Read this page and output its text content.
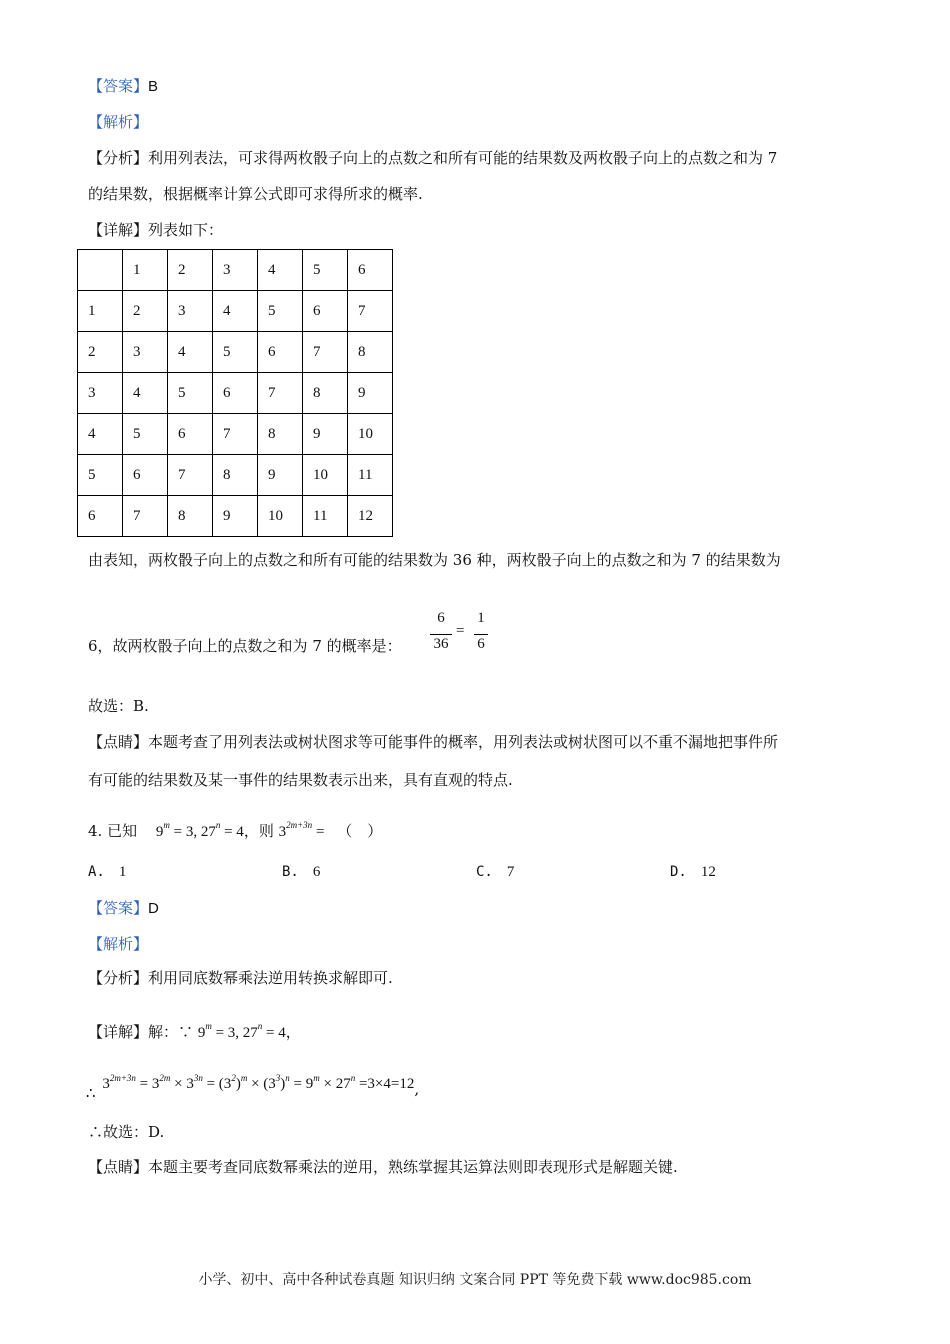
【答案】B
【解析】
【分析】利用列表法，可求得两枚骰子向上的点数之和所有可能的结果数及两枚骰子向上的点数之和为 7
的结果数，根据概率计算公式即可求得所求的概率.
【详解】列表如下：
	1	2	3	4	5	6
1	2	3	4	5	6	7
2	3	4	5	6	7	8
3	4	5	6	7	8	9
4	5	6	7	8	9	10
5	6	7	8	9	10	11
6	7	8	9	10	11	12
由表知，两枚骰子向上的点数之和所有可能的结果数为 36 种，两枚骰子向上的点数之和为 7 的结果数为
6，故两枚骰子向上的点数之和为 7 的概率是：
6
36
=
1
6
故选：B.
【点睛】本题考查了用列表法或树状图求等可能事件的概率，用列表法或树状图可以不重不漏地把事件所
有可能的结果数及某一事件的结果数表示出来，具有直观的特点.
4. 已知 $9^m = 3$, $27^n = 4$，则 $3^{2m+3n}$ = （　）
A. 1	B. 6	C. 7	D. 12
【答案】D
【解析】
【分析】利用同底数幂乘法逆用转换求解即可.
【详解】解：∵ $9^m = 3$, $27^n = 4$，
∴ $3^{2m+3n} = 3^{2m} \times 3^{3n} = (3^2)^m \times (3^3)^n = 9^m \times 27^n =3\times 4=12$,
∴故选：D.
【点睛】本题主要考查同底数幂乘法的逆用，熟练掌握其运算法则即表现形式是解题关键.
小学、初中、高中各种试卷真题 知识归纳 文案合同 PPT 等免费下载 www.doc985.com
